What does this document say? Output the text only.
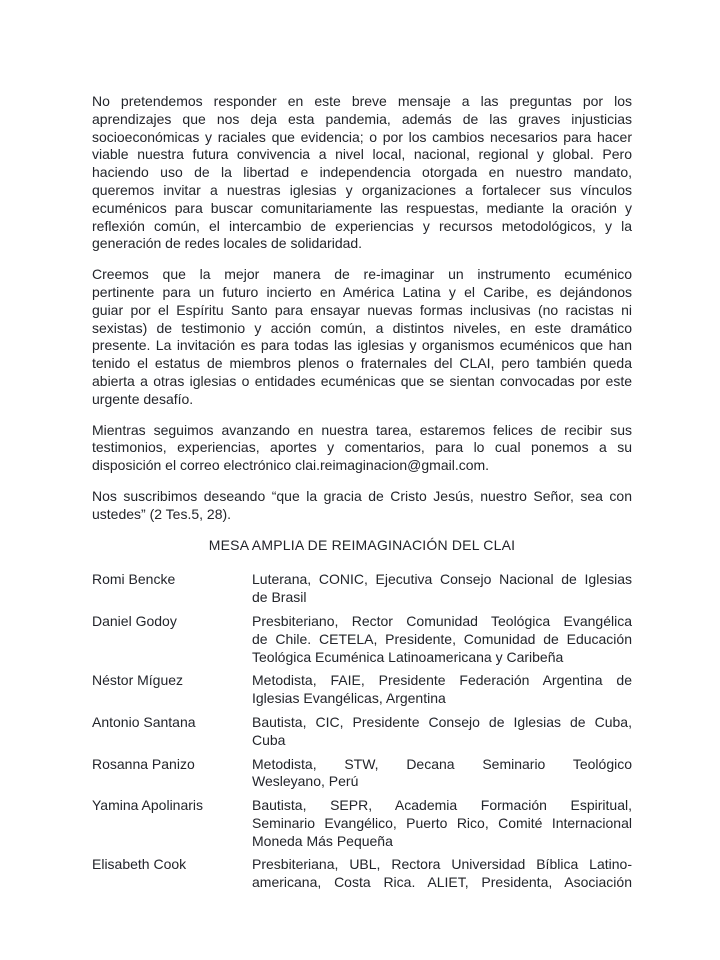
No pretendemos responder en este breve mensaje a las preguntas por los
aprendizajes que nos deja esta pandemia, además de las graves injusticias
socioeconómicas y raciales que evidencia; o por los cambios necesarios para hacer
viable nuestra futura convivencia a nivel local, nacional, regional y global. Pero
haciendo uso de la libertad e independencia otorgada en nuestro mandato,
queremos invitar a nuestras iglesias y organizaciones a fortalecer sus vínculos
ecuménicos para buscar comunitariamente las respuestas, mediante la oración y
reflexión común, el intercambio de experiencias y recursos metodológicos, y la
generación de redes locales de solidaridad.
Creemos que la mejor manera de re-imaginar un instrumento ecuménico
pertinente para un futuro incierto en América Latina y el Caribe, es dejándonos
guiar por el Espíritu Santo para ensayar nuevas formas inclusivas (no racistas ni
sexistas) de testimonio y acción común, a distintos niveles, en este dramático
presente. La invitación es para todas las iglesias y organismos ecuménicos que han
tenido el estatus de miembros plenos o fraternales del CLAI, pero también queda
abierta a otras iglesias o entidades ecuménicas que se sientan convocadas por este
urgente desafío.
Mientras seguimos avanzando en nuestra tarea, estaremos felices de recibir sus
testimonios, experiencias, aportes y comentarios, para lo cual ponemos a su
disposición el correo electrónico clai.reimaginacion@gmail.com.
Nos suscribimos deseando “que la gracia de Cristo Jesús, nuestro Señor, sea con
ustedes” (2 Tes.5, 28).
MESA AMPLIA DE REIMAGINACIÓN DEL CLAI
Romi Bencke	Luterana, CONIC, Ejecutiva Consejo Nacional de Iglesias
de Brasil
Daniel Godoy	Presbiteriano, Rector Comunidad Teológica Evangélica
de Chile. CETELA, Presidente, Comunidad de Educación
Teológica Ecuménica Latinoamericana y Caribeña
Néstor Míguez	Metodista, FAIE, Presidente Federación Argentina de
Iglesias Evangélicas, Argentina
Antonio Santana	Bautista, CIC, Presidente Consejo de Iglesias de Cuba,
Cuba
Rosanna Panizo	Metodista, STW, Decana Seminario Teológico
Wesleyano, Perú
Yamina Apolinaris	Bautista, SEPR, Academia Formación Espiritual,
Seminario Evangélico, Puerto Rico, Comité Internacional
Moneda Más Pequeña
Elisabeth Cook	Presbiteriana, UBL, Rectora Universidad Bíblica Latino-
americana, Costa Rica. ALIET, Presidenta, Asociación
